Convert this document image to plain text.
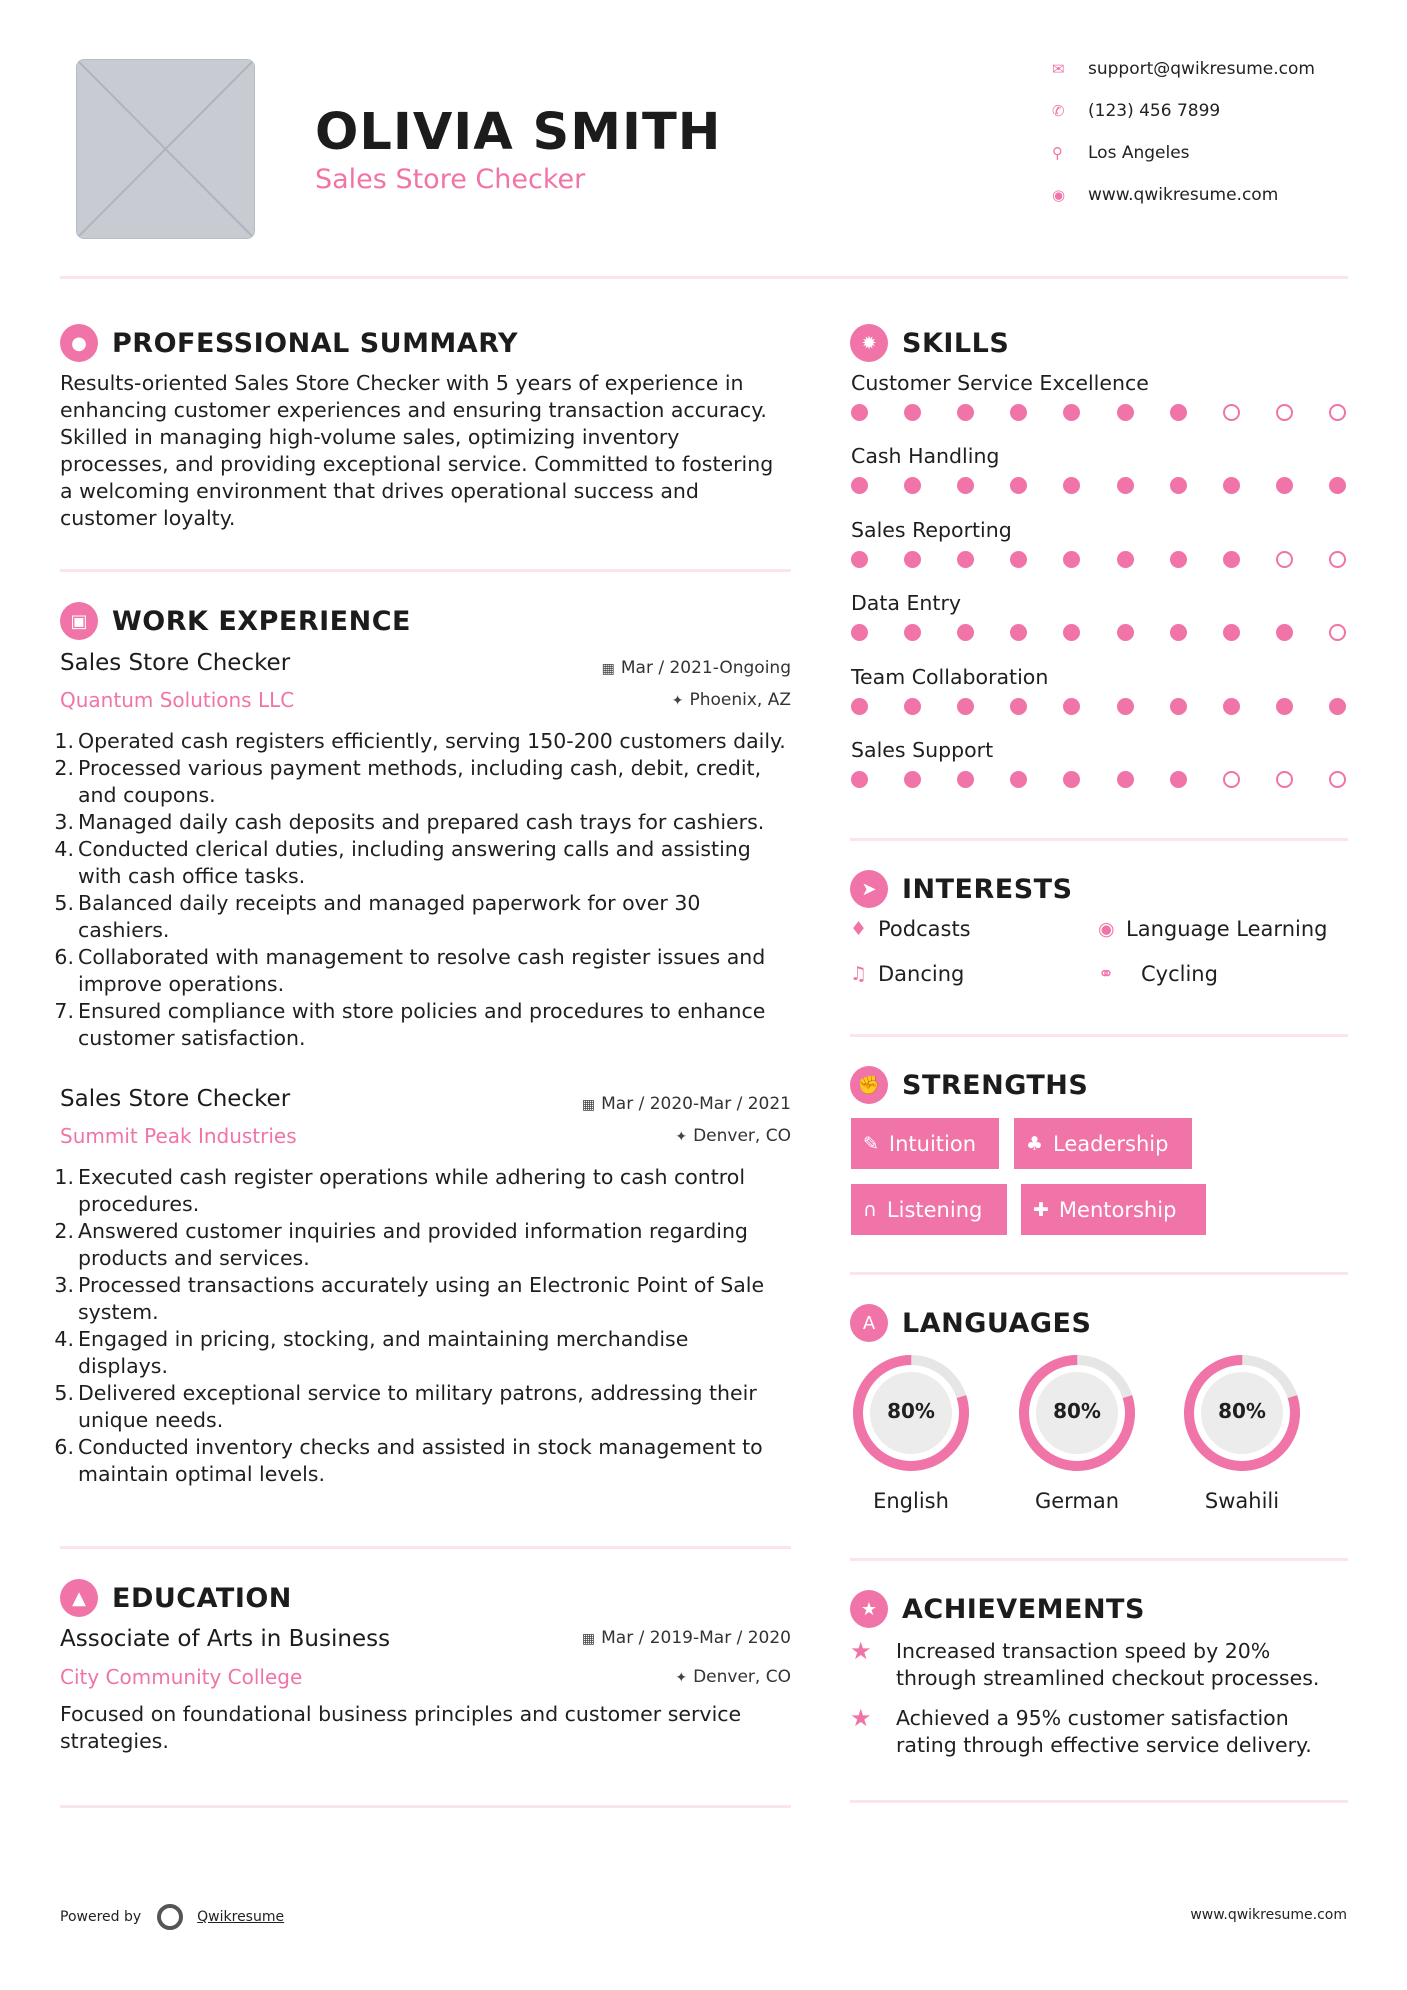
OLIVIA SMITH
Sales Store Checker
✉	support@qwikresume.com
✆	(123) 456 7899
⚲	Los Angeles
◉	www.qwikresume.com
● PROFESSIONAL SUMMARY
Results-oriented Sales Store Checker with 5 years of experience in
enhancing customer experiences and ensuring transaction accuracy.
Skilled in managing high-volume sales, optimizing inventory
processes, and providing exceptional service. Committed to fostering
a welcoming environment that drives operational success and
customer loyalty.
▣ WORK EXPERIENCE
Sales Store Checker
Quantum Solutions LLC
▦ Mar / 2021-Ongoing
✦ Phoenix, AZ
Operated cash registers efficiently, serving 150-200 customers daily.
Processed various payment methods, including cash, debit, credit,
and coupons.
Managed daily cash deposits and prepared cash trays for cashiers.
Conducted clerical duties, including answering calls and assisting
with cash office tasks.
Balanced daily receipts and managed paperwork for over 30
cashiers.
Collaborated with management to resolve cash register issues and
improve operations.
Ensured compliance with store policies and procedures to enhance
customer satisfaction.
Sales Store Checker
Summit Peak Industries
▦ Mar / 2020-Mar / 2021
✦ Denver, CO
Executed cash register operations while adhering to cash control
procedures.
Answered customer inquiries and provided information regarding
products and services.
Processed transactions accurately using an Electronic Point of Sale
system.
Engaged in pricing, stocking, and maintaining merchandise
displays.
Delivered exceptional service to military patrons, addressing their
unique needs.
Conducted inventory checks and assisted in stock management to
maintain optimal levels.
▲ EDUCATION
Associate of Arts in Business
City Community College
▦ Mar / 2019-Mar / 2020
✦ Denver, CO
Focused on foundational business principles and customer service
strategies.
✹ SKILLS
Customer Service Excellence
Cash Handling
Sales Reporting
Data Entry
Team Collaboration
Sales Support
➤ INTERESTS
♦ Podcasts	◉ Language Learning
♫ Dancing	⚭	Cycling
✊ STRENGTHS
✎ Intuition	♣ Leadership
∩ Listening	✚ Mentorship
A LANGUAGES
80%
English
80%
German
80%
Swahili
★ ACHIEVEMENTS
★	Increased transaction speed by 20%
through streamlined checkout processes.
★	Achieved a 95% customer satisfaction
rating through effective service delivery.
Powered by	Qwikresume	www.qwikresume.com
